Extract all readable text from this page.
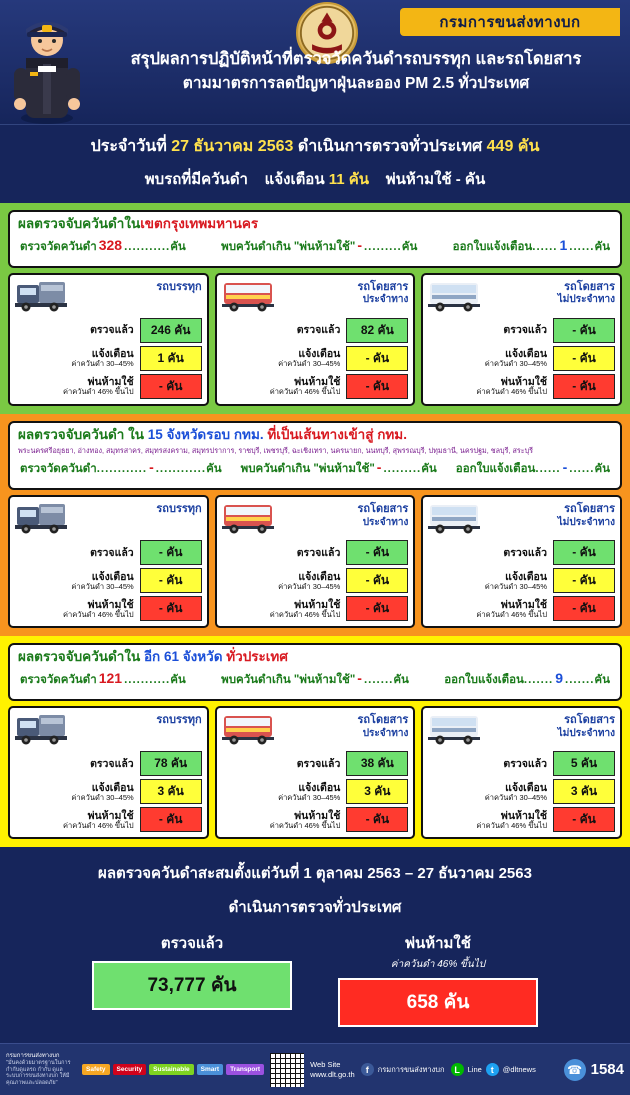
กรมการขนส่งทางบก
สรุปผลการปฏิบัติหน้าที่ตรวจวัดควันดำรถบรรทุก และรถโดยสาร
ตามมาตรการลดปัญหาฝุ่นละออง PM 2.5 ทั่วประเทศ
ประจำวันที่ 27 ธันวาคม 2563 ดำเนินการตรวจทั่วประเทศ 449 คัน
พบรถที่มีควันดำ แจ้งเตือน 11 คัน พ่นห้ามใช้ - คัน
ผลตรวจจับควันดำในเขตกรุงเทพมหานคร
ตรวจวัดควันดำ 328 ...........คัน	พบควันดำเกิน "พ่นห้ามใช้" - .........คัน	ออกใบแจ้งเตือน...... 1 ......คัน
รถบรรทุก
ตรวจแล้ว	246 คัน
แจ้งเตือน
ค่าควันดำ 30–45%	1 คัน
พ่นห้ามใช้
ค่าควันดำ 46% ขึ้นไป	- คัน
รถโดยสาร
ประจำทาง
ตรวจแล้ว	82 คัน
แจ้งเตือน
ค่าควันดำ 30–45%	- คัน
พ่นห้ามใช้
ค่าควันดำ 46% ขึ้นไป	- คัน
รถโดยสาร
ไม่ประจำทาง
ตรวจแล้ว	- คัน
แจ้งเตือน
ค่าควันดำ 30–45%	- คัน
พ่นห้ามใช้
ค่าควันดำ 46% ขึ้นไป	- คัน
ผลตรวจจับควันดำ ใน 15 จังหวัดรอบ กทม. ที่เป็นเส้นทางเข้าสู่ กทม.
พระนครศรีอยุธยา, อ่างทอง, สมุทรสาคร, สมุทรสงคราม, สมุทรปราการ, ราชบุรี, เพชรบุรี, ฉะเชิงเทรา, นครนายก, นนทบุรี, สุพรรณบุรี, ปทุมธานี, นครปฐม, ชลบุรี, สระบุรี
ตรวจวัดควันดำ............ - ............คัน พบควันดำเกิน "พ่นห้ามใช้" - .........คัน ออกใบแจ้งเตือน...... - ......คัน
รถบรรทุก
ตรวจแล้ว	- คัน
แจ้งเตือน
ค่าควันดำ 30–45%	- คัน
พ่นห้ามใช้
ค่าควันดำ 46% ขึ้นไป	- คัน
รถโดยสาร
ประจำทาง
ตรวจแล้ว	- คัน
แจ้งเตือน
ค่าควันดำ 30–45%	- คัน
พ่นห้ามใช้
ค่าควันดำ 46% ขึ้นไป	- คัน
รถโดยสาร
ไม่ประจำทาง
ตรวจแล้ว	- คัน
แจ้งเตือน
ค่าควันดำ 30–45%	- คัน
พ่นห้ามใช้
ค่าควันดำ 46% ขึ้นไป	- คัน
ผลตรวจจับควันดำใน อีก 61 จังหวัด ทั่วประเทศ
ตรวจวัดควันดำ 121 ...........คัน	พบควันดำเกิน "พ่นห้ามใช้" - .......คัน	ออกใบแจ้งเตือน....... 9 .......คัน
รถบรรทุก
ตรวจแล้ว	78 คัน
แจ้งเตือน
ค่าควันดำ 30–45%	3 คัน
พ่นห้ามใช้
ค่าควันดำ 46% ขึ้นไป	- คัน
รถโดยสาร
ประจำทาง
ตรวจแล้ว	38 คัน
แจ้งเตือน
ค่าควันดำ 30–45%	3 คัน
พ่นห้ามใช้
ค่าควันดำ 46% ขึ้นไป	- คัน
รถโดยสาร
ไม่ประจำทาง
ตรวจแล้ว	5 คัน
แจ้งเตือน
ค่าควันดำ 30–45%	3 คัน
พ่นห้ามใช้
ค่าควันดำ 46% ขึ้นไป	- คัน
ผลตรวจควันดำสะสมตั้งแต่วันที่ 1 ตุลาคม 2563 – 27 ธันวาคม 2563
ดำเนินการตรวจทั่วประเทศ
ตรวจแล้ว
73,777 คัน
พ่นห้ามใช้
ค่าควันดำ 46% ขึ้นไป
658 คัน
กรมการขนส่งทางบก
"มั่นคงด้วยมาตรฐานในการกำกับดูแลรถ กำกับ ดูแล ระบบการขนส่งทางบก ให้มีคุณภาพและปลอดภัย"
Safety	Security	Sustainable	Smart	Transport
Web Site
www.dlt.go.th	f	กรมการขนส่งทางบก	L	Line	t	@dltnews	☎ 1584
